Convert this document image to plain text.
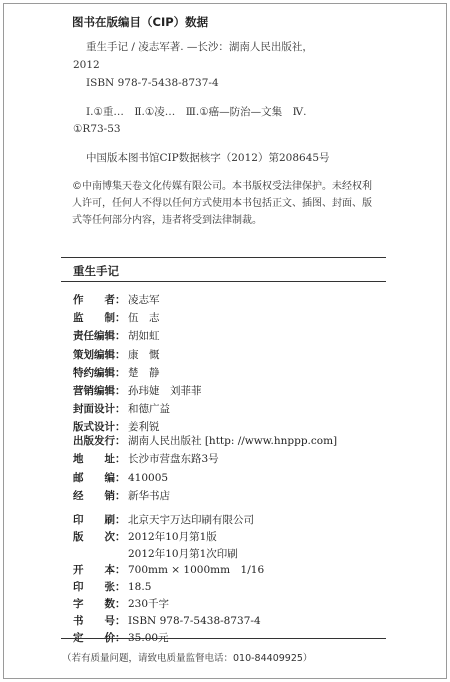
图书在版编目（CIP）数据
重生手记 / 凌志军著. —长沙：湖南人民出版社，
2012
ISBN 978-7-5438-8737-4
Ⅰ.①重…　Ⅱ.①凌…　Ⅲ.①癌—防治—文集　Ⅳ.
①R73-53
中国版本图书馆CIP数据核字（2012）第208645号
©中南博集天卷文化传媒有限公司。本书版权受法律保护。未经权利人许可，任何人不得以任何方式使用本书包括正文、插图、封面、版式等任何部分内容，违者将受到法律制裁。
重生手记
作　　者： 凌志军
监　　制： 伍　志
责任编辑： 胡如虹
策划编辑： 康　慨
特约编辑： 楚　静
营销编辑： 孙玮婕　刘菲菲
封面设计： 和德广益
版式设计： 姜利锐
出版发行： 湖南人民出版社 [http: //www.hnppp.com]
地　　址： 长沙市营盘东路3号
邮　　编： 410005
经　　销： 新华书店
印　　刷： 北京天宇万达印刷有限公司
版　　次： 2012年10月第1版
2012年10月第1次印刷
开　　本： 700mm × 1000mm　1/16
印　　张： 18.5
字　　数： 230千字
书　　号： ISBN 978-7-5438-8737-4
定　　价： 35.00元
（若有质量问题，请致电质量监督电话：010-84409925）
